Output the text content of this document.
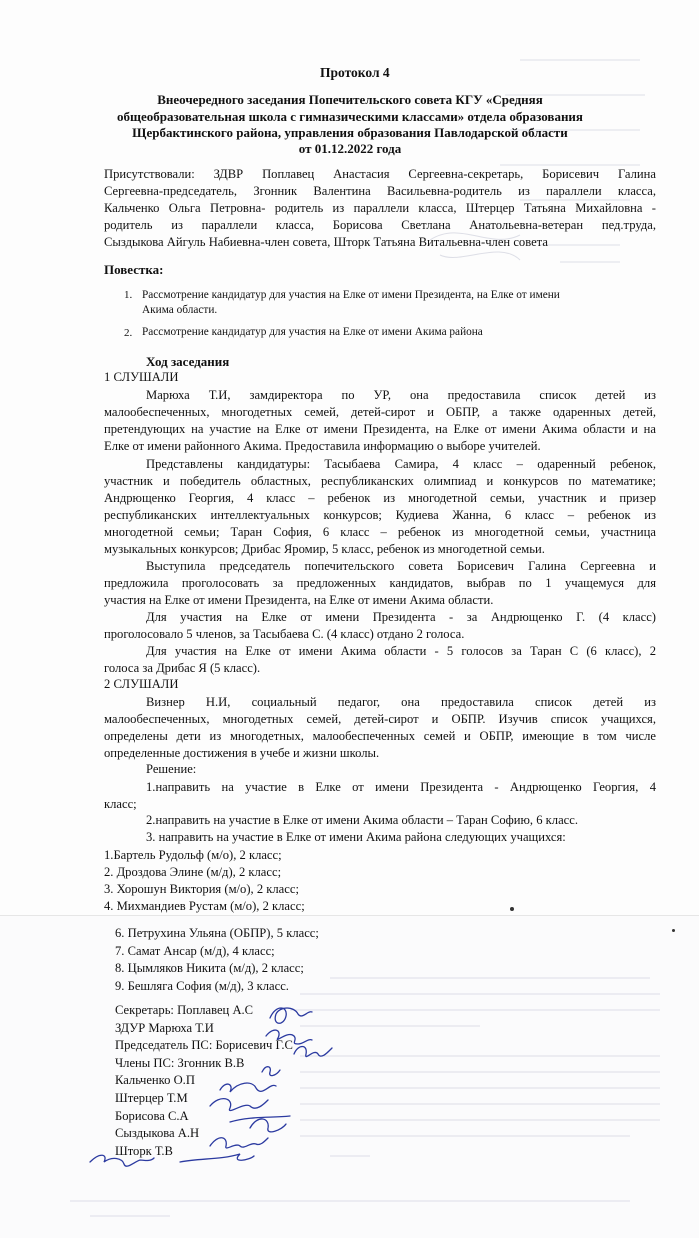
Протокол 4
Внеочередного заседания Попечительского совета КГУ «Средняя
общеобразовательная школа с гимназическими классами» отдела образования
Щербактинского района, управления образования Павлодарской области
от 01.12.2022 года
Присутствовали: ЗДВР Поплавец Анастасия Сергеевна-секретарь, Борисевич Галина
Сергеевна-председатель, Згонник Валентина Васильевна-родитель из параллели класса,
Кальченко Ольга Петровна- родитель из параллели класса, Штерцер Татьяна Михайловна -
родитель из параллели класса, Борисова Светлана Анатольевна-ветеран пед.труда,
Сыздыкова Айгуль Набиевна-член совета, Шторк Татьяна Витальевна-член совета
Повестка:
1. Рассмотрение кандидатур для участия на Елке от имени Президента, на Елке от имени
Акима области.
2. Рассмотрение кандидатур для участия на Елке от имени Акима района
Ход заседания
1 СЛУШАЛИ
Марюха Т.И, замдиректора по УР, она предоставила список детей из
малообеспеченных, многодетных семей, детей-сирот и ОБПР, а также одаренных детей,
претендующих на участие на Елке от имени Президента, на Елке от имени Акима области и на
Елке от имени районного Акима. Предоставила информацию о выборе учителей.
Представлены кандидатуры: Тасыбаева Самира, 4 класс – одаренный ребенок,
участник и победитель областных, республиканских олимпиад и конкурсов по математике;
Андрющенко Георгия, 4 класс – ребенок из многодетной семьи, участник и призер
республиканских интеллектуальных конкурсов; Кудиева Жанна, 6 класс – ребенок из
многодетной семьи; Таран София, 6 класс – ребенок из многодетной семьи, участница
музыкальных конкурсов; Дрибас Яромир, 5 класс, ребенок из многодетной семьи.
Выступила председатель попечительского совета Борисевич Галина Сергеевна и
предложила проголосовать за предложенных кандидатов, выбрав по 1 учащемуся для
участия на Елке от имени Президента, на Елке от имени Акима области.
Для участия на Елке от имени Президента - за Андрющенко Г. (4 класс)
проголосовало 5 членов, за Тасыбаева С. (4 класс) отдано 2 голоса.
Для участия на Елке от имени Акима области - 5 голосов за Таран С (6 класс), 2
голоса за Дрибас Я (5 класс).
2 СЛУШАЛИ
Визнер Н.И, социальный педагог, она предоставила список детей из
малообеспеченных, многодетных семей, детей-сирот и ОБПР. Изучив список учащихся,
определены дети из многодетных, малообеспеченных семей и ОБПР, имеющие в том числе
определенные достижения в учебе и жизни школы.
Решение:
1.направить на участие в Елке от имени Президента - Андрющенко Георгия, 4
класс;
2.направить на участие в Елке от имени Акима области – Таран Софию, 6 класс.
3. направить на участие в Елке от имени Акима района следующих учащихся:
1.Бартель Рудольф (м/о), 2 класс;
2. Дроздова Элине (м/д), 2 класс;
3. Хорошун Виктория (м/о), 2 класс;
4. Михмандиев Рустам (м/о), 2 класс;
6. Петрухина Ульяна (ОБПР), 5 класс;
7. Самат Ансар (м/д), 4 класс;
8. Цымляков Никита (м/д), 2 класс;
9. Бешляга София (м/д), 3 класс.
Секретарь: Поплавец А.С
ЗДУР Марюха Т.И
Председатель ПС: Борисевич Г.С
Члены ПС: Згонник В.В
Кальченко О.П
Штерцер Т.М
Борисова С.А
Сыздыкова А.Н
Шторк Т.В
